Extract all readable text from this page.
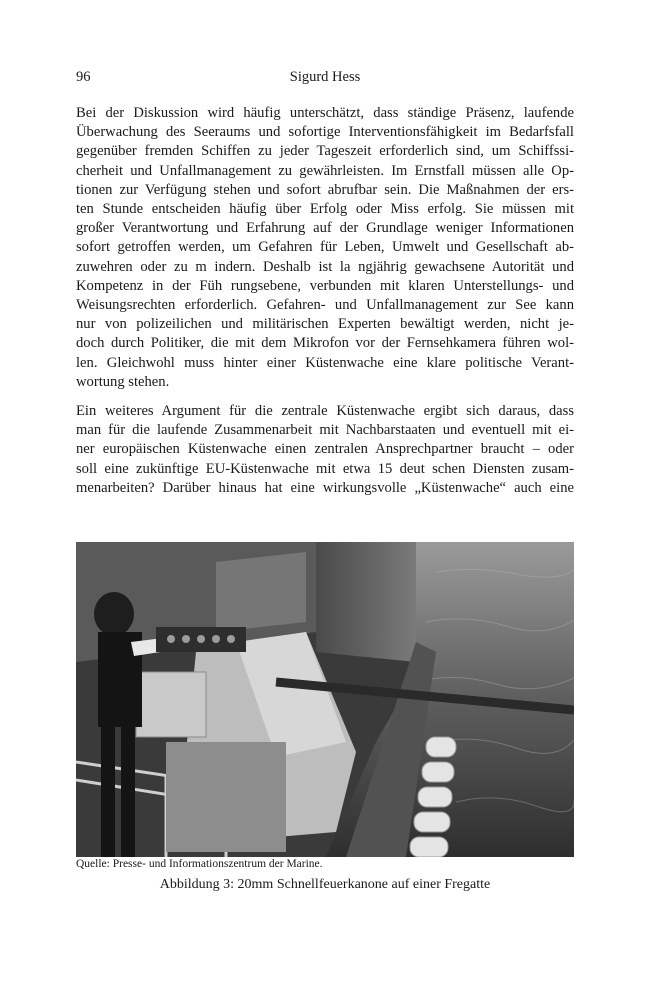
96	Sigurd Hess

Bei der Diskussion wird häufig unterschätzt, dass ständige Präsenz, laufende
Überwachung des Seeraums und sofortige Interventionsfähigkeit im Bedarfsfall
gegenüber fremden Schiffen zu jeder Tageszeit erforderlich sind, um Schiffssi-
cherheit und Unfallmanagement zu gewährleisten. Im Ernstfall müssen alle Op-
tionen zur Verfügung stehen und sofort abrufbar sein. Die Maßnahmen der ers-
ten Stunde entscheiden häufig über Erfolg oder Miss erfolg. Sie müssen mit
großer Verantwortung und Erfahrung auf der Grundlage weniger Informationen
sofort getroffen werden, um Gefahren für Leben, Umwelt und Gesellschaft ab-
zuwehren oder zu m indern. Deshalb ist la ngjährig gewachsene Autorität und
Kompetenz in der Füh rungsebene, verbunden mit klaren Unterstellungs- und
Weisungsrechten erforderlich. Gefahren- und Unfallmanagement zur See kann
nur von polizeilichen und militärischen Experten bewältigt werden, nicht je-
doch durch Politiker, die mit dem Mikrofon vor der Fernsehkamera führen wol-
len. Gleichwohl muss hinter einer Küstenwache eine klare politische Verant-
wortung stehen.

Ein weiteres Argument für die zentrale Küstenwache ergibt sich daraus, dass
man für die laufende Zusammenarbeit mit Nachbarstaaten und eventuell mit ei-
ner europäischen Küstenwache einen zentralen Ansprechpartner braucht – oder
soll eine zukünftige EU-Küstenwache mit etwa 15 deut schen Diensten zusam-
menarbeiten? Darüber hinaus hat eine wirkungsvolle „Küstenwache“ auch eine

Quelle: Presse- und Informationszentrum der Marine.
Abbildung 3: 20mm Schnellfeuerkanone auf einer Fregatte
